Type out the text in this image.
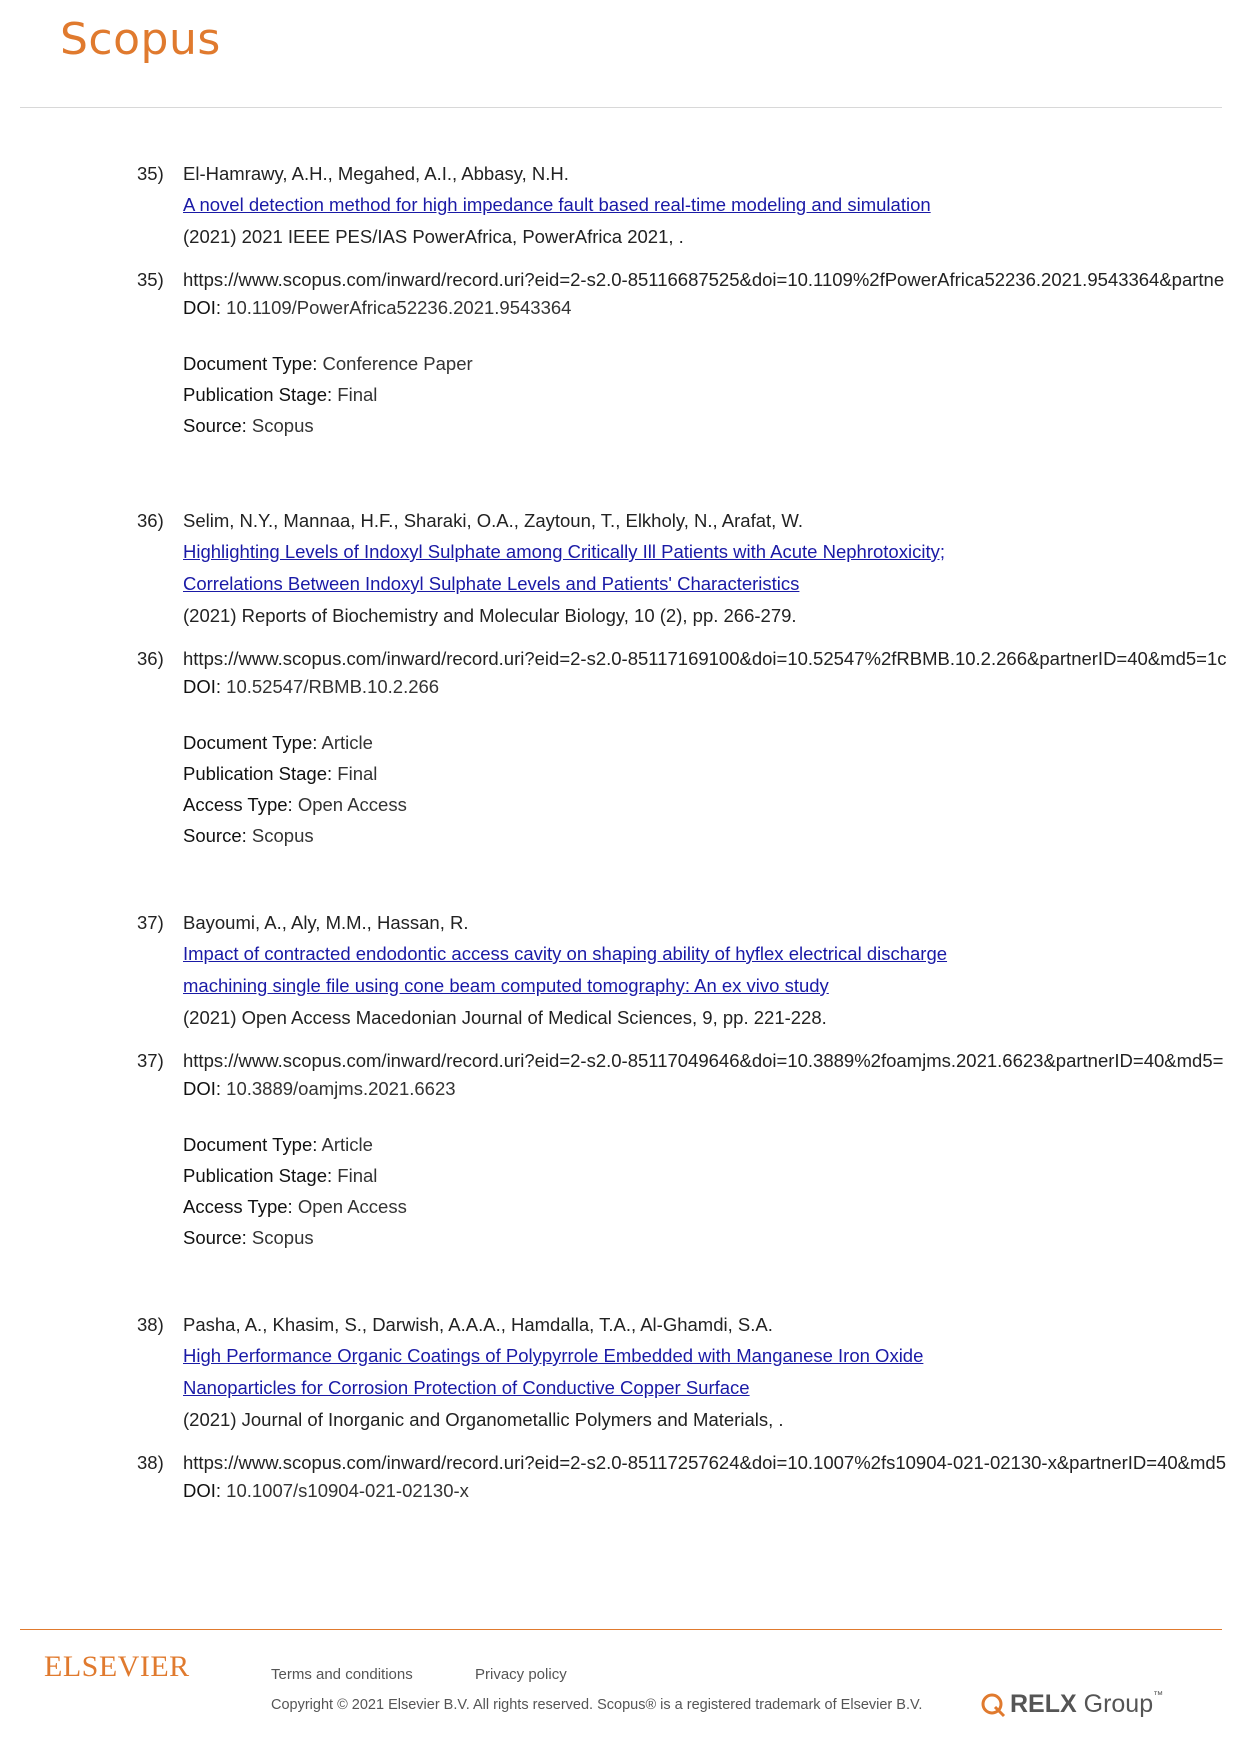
Scopus
35) El-Hamrawy, A.H., Megahed, A.I., Abbasy, N.H.
A novel detection method for high impedance fault based real-time modeling and simulation
(2021) 2021 IEEE PES/IAS PowerAfrica, PowerAfrica 2021, .
35) https://www.scopus.com/inward/record.uri?eid=2-s2.0-85116687525&doi=10.1109%2fPowerAfrica52236.2021.9543364&partne
DOI: 10.1109/PowerAfrica52236.2021.9543364
Document Type: Conference Paper
Publication Stage: Final
Source: Scopus
36) Selim, N.Y., Mannaa, H.F., Sharaki, O.A., Zaytoun, T., Elkholy, N., Arafat, W.
Highlighting Levels of Indoxyl Sulphate among Critically Ill Patients with Acute Nephrotoxicity;
Correlations Between Indoxyl Sulphate Levels and Patients' Characteristics
(2021) Reports of Biochemistry and Molecular Biology, 10 (2), pp. 266-279.
36) https://www.scopus.com/inward/record.uri?eid=2-s2.0-85117169100&doi=10.52547%2fRBMB.10.2.266&partnerID=40&md5=1c
DOI: 10.52547/RBMB.10.2.266
Document Type: Article
Publication Stage: Final
Access Type: Open Access
Source: Scopus
37) Bayoumi, A., Aly, M.M., Hassan, R.
Impact of contracted endodontic access cavity on shaping ability of hyflex electrical discharge
machining single file using cone beam computed tomography: An ex vivo study
(2021) Open Access Macedonian Journal of Medical Sciences, 9, pp. 221-228.
37) https://www.scopus.com/inward/record.uri?eid=2-s2.0-85117049646&doi=10.3889%2foamjms.2021.6623&partnerID=40&md5=
DOI: 10.3889/oamjms.2021.6623
Document Type: Article
Publication Stage: Final
Access Type: Open Access
Source: Scopus
38) Pasha, A., Khasim, S., Darwish, A.A.A., Hamdalla, T.A., Al-Ghamdi, S.A.
High Performance Organic Coatings of Polypyrrole Embedded with Manganese Iron Oxide
Nanoparticles for Corrosion Protection of Conductive Copper Surface
(2021) Journal of Inorganic and Organometallic Polymers and Materials, .
38) https://www.scopus.com/inward/record.uri?eid=2-s2.0-85117257624&doi=10.1007%2fs10904-021-02130-x&partnerID=40&md5
DOI: 10.1007/s10904-021-02130-x
ELSEVIER	Terms and conditions	Privacy policy
Copyright © 2021 Elsevier B.V. All rights reserved. Scopus® is a registered trademark of Elsevier B.V.	RELX Group™
